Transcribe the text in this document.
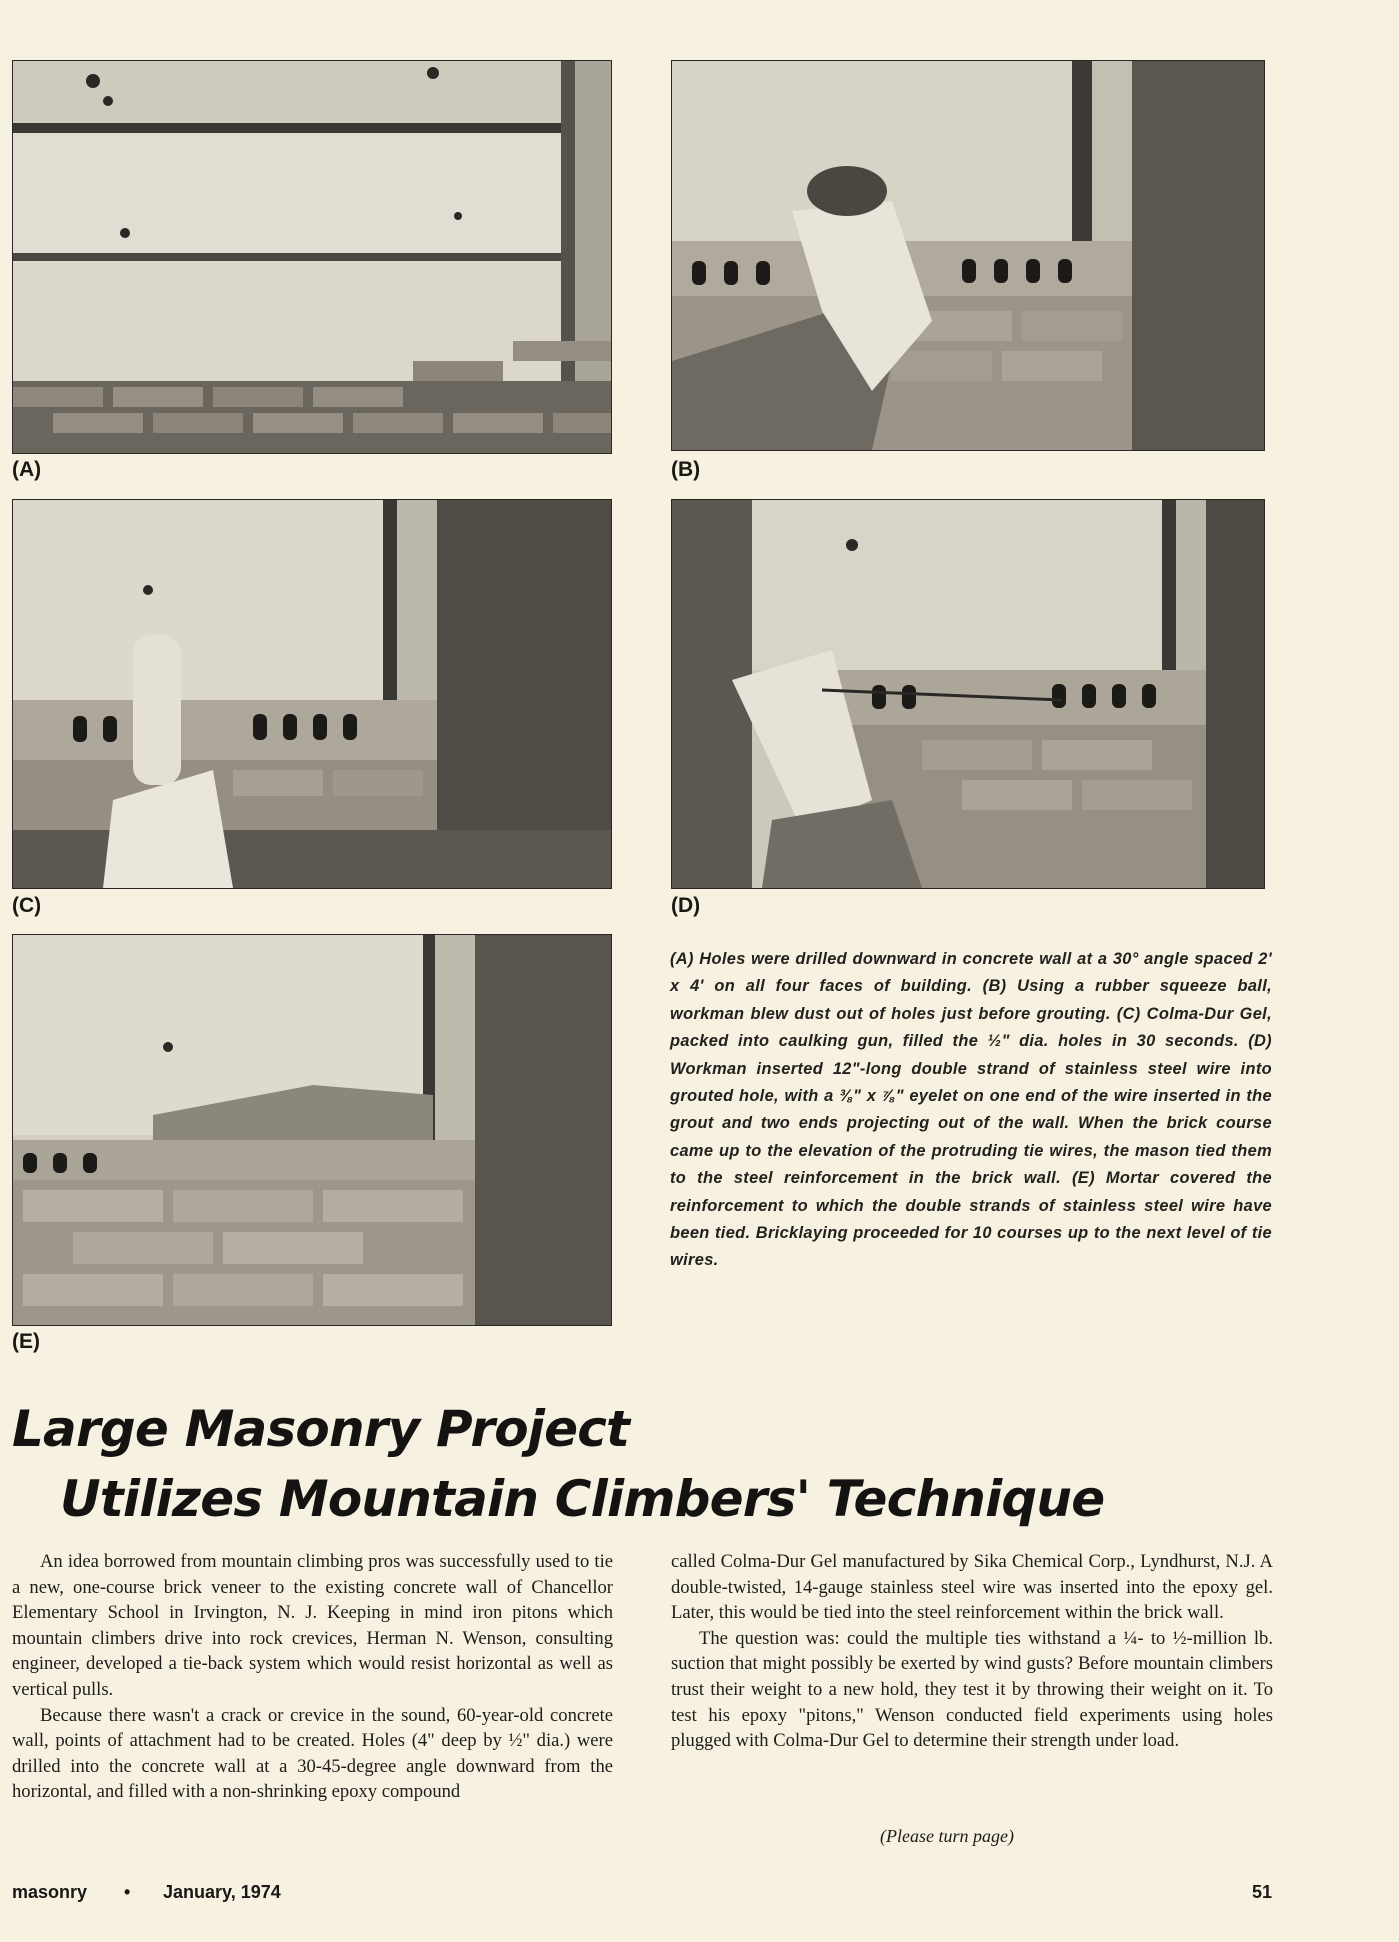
(A)	(B)
(C)	(D)
(E)

(A) Holes were drilled downward in concrete wall at a 30° angle spaced 2' x 4' on all four faces of building. (B) Using a rubber squeeze ball, workman blew dust out of holes just before grouting. (C) Colma-Dur Gel, packed into caulking gun, filled the ½" dia. holes in 30 seconds. (D) Workman inserted 12"-long double strand of stainless steel wire into grouted hole, with a ⅜" x ⅞" eyelet on one end of the wire inserted in the grout and two ends projecting out of the wall. When the brick course came up to the elevation of the protruding tie wires, the mason tied them to the steel reinforcement in the brick wall. (E) Mortar covered the reinforcement to which the double strands of stainless steel wire have been tied. Bricklaying proceeded for 10 courses up to the next level of tie wires.

Large Masonry Project
Utilizes Mountain Climbers' Technique

An idea borrowed from mountain climbing pros was successfully used to tie a new, one-course brick veneer to the existing concrete wall of Chancellor Elementary School in Irvington, N. J. Keeping in mind iron pitons which mountain climbers drive into rock crevices, Herman N. Wenson, consulting engineer, developed a tie-back system which would resist horizontal as well as vertical pulls.

Because there wasn't a crack or crevice in the sound, 60-year-old concrete wall, points of attachment had to be created. Holes (4" deep by ½" dia.) were drilled into the concrete wall at a 30-45-degree angle downward from the horizontal, and filled with a non-shrinking epoxy compound

called Colma-Dur Gel manufactured by Sika Chemical Corp., Lyndhurst, N.J. A double-twisted, 14-gauge stainless steel wire was inserted into the epoxy gel. Later, this would be tied into the steel reinforcement within the brick wall.

The question was: could the multiple ties withstand a ¼- to ½-million lb. suction that might possibly be exerted by wind gusts? Before mountain climbers trust their weight to a new hold, they test it by throwing their weight on it. To test his epoxy "pitons," Wenson conducted field experiments using holes plugged with Colma-Dur Gel to determine their strength under load.

(Please turn page)
masonry • January, 1974	51
